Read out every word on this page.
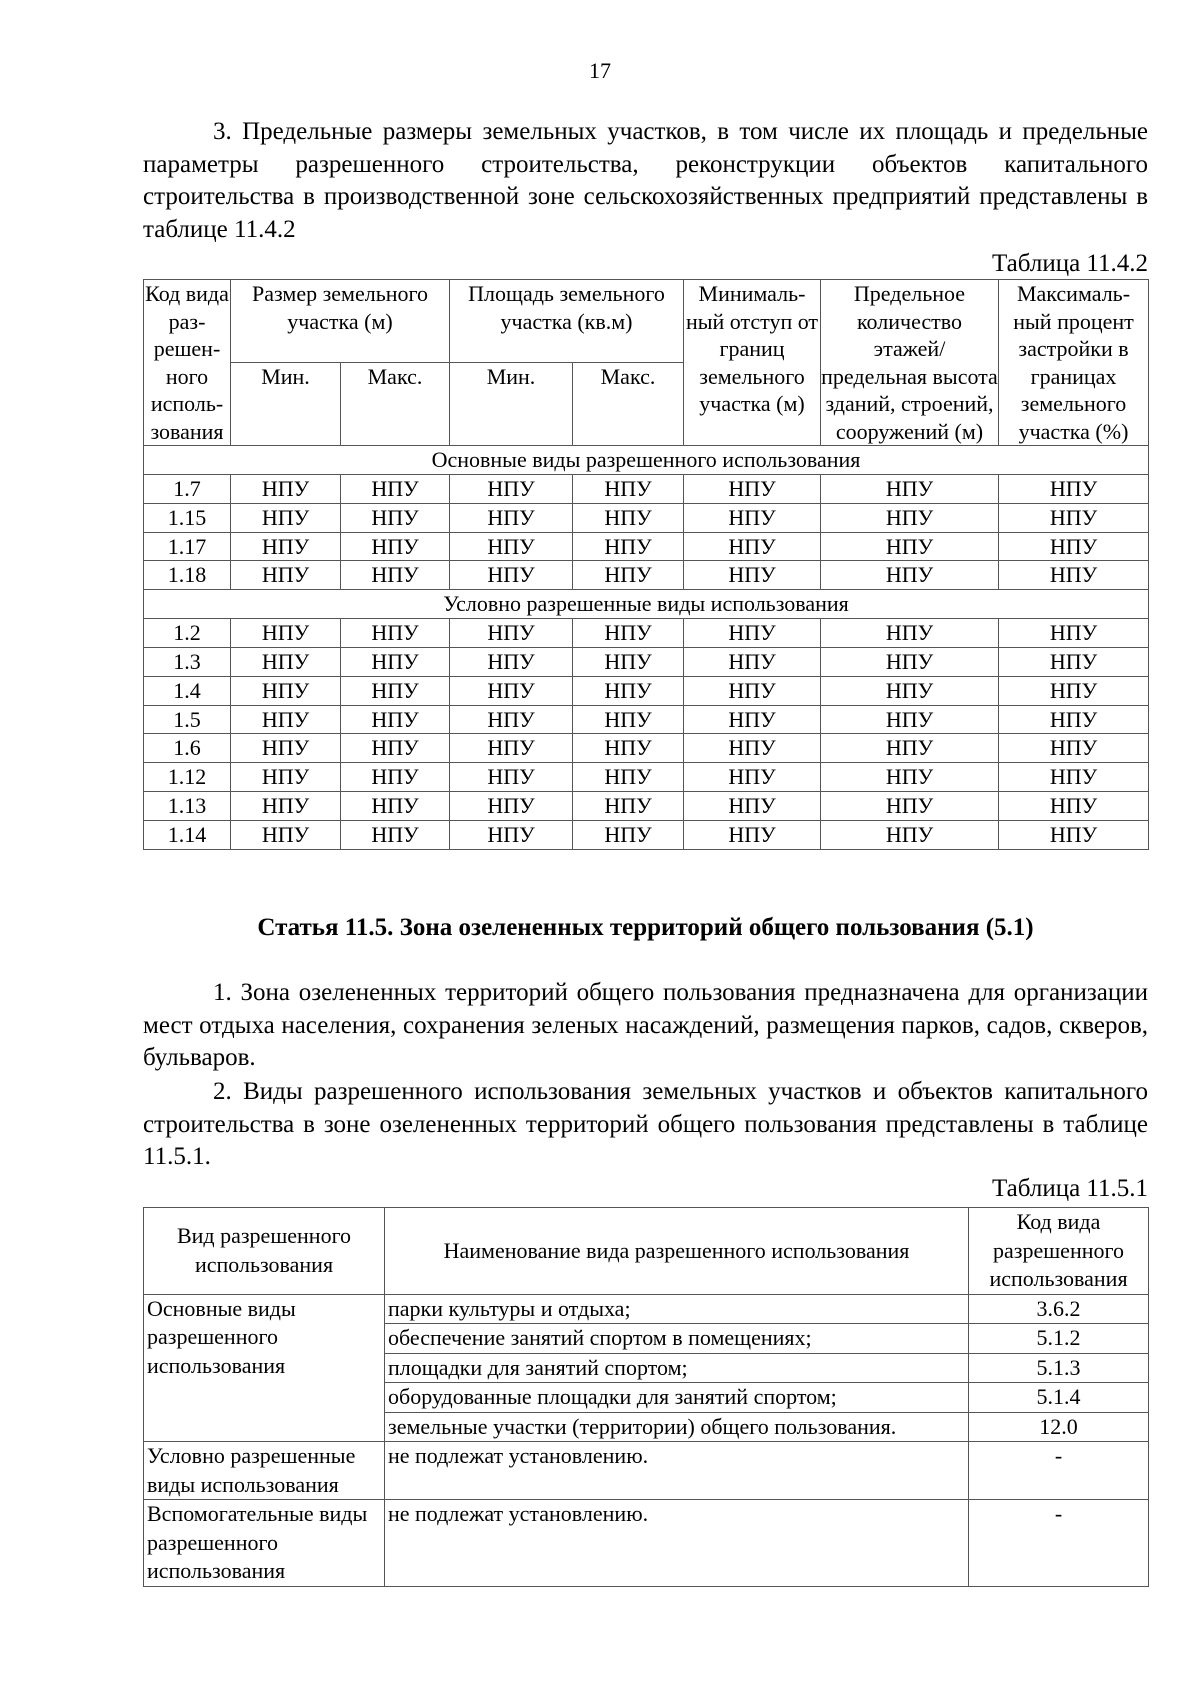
17

3. Предельные размеры земельных участков, в том числе их площадь и предельные параметры разрешенного строительства, реконструкции объектов капитального строительства в производственной зоне сельскохозяйственных предприятий представлены в таблице 11.4.2

Таблица 11.4.2
Код вида раз- решен- ного исполь- зования	Размер земельного участка (м)		Площадь земельного участка (кв.м)		Минималь- ный отступ от границ земельного участка (м)	Предельное количество этажей/ предельная высота зданий, строений, сооружений (м)	Максималь- ный процент застройки в границах земельного участка (%)
	Мин.	Макс.	Мин.	Макс.			
Основные виды разрешенного использования							
1.7	НПУ	НПУ	НПУ	НПУ	НПУ	НПУ	НПУ
1.15	НПУ	НПУ	НПУ	НПУ	НПУ	НПУ	НПУ
1.17	НПУ	НПУ	НПУ	НПУ	НПУ	НПУ	НПУ
1.18	НПУ	НПУ	НПУ	НПУ	НПУ	НПУ	НПУ
Условно разрешенные виды использования							
1.2	НПУ	НПУ	НПУ	НПУ	НПУ	НПУ	НПУ
1.3	НПУ	НПУ	НПУ	НПУ	НПУ	НПУ	НПУ
1.4	НПУ	НПУ	НПУ	НПУ	НПУ	НПУ	НПУ
1.5	НПУ	НПУ	НПУ	НПУ	НПУ	НПУ	НПУ
1.6	НПУ	НПУ	НПУ	НПУ	НПУ	НПУ	НПУ
1.12	НПУ	НПУ	НПУ	НПУ	НПУ	НПУ	НПУ
1.13	НПУ	НПУ	НПУ	НПУ	НПУ	НПУ	НПУ
1.14	НПУ	НПУ	НПУ	НПУ	НПУ	НПУ	НПУ
Статья 11.5. Зона озелененных территорий общего пользования (5.1)

1. Зона озелененных территорий общего пользования предназначена для организации мест отдыха населения, сохранения зеленых насаждений, размещения парков, садов, скверов, бульваров.

2. Виды разрешенного использования земельных участков и объектов капитального строительства в зоне озелененных территорий общего пользования представлены в таблице 11.5.1.

Таблица 11.5.1
Вид разрешенного использования	Наименование вида разрешенного использования	Код вида разрешенного использования
Основные виды разрешенного использования	парки культуры и отдыха;	3.6.2
	обеспечение занятий спортом в помещениях;	5.1.2
	площадки для занятий спортом;	5.1.3
	оборудованные площадки для занятий спортом;	5.1.4
	земельные участки (территории) общего пользования.	12.0
Условно разрешенные виды использования	не подлежат установлению.	-
Вспомогательные виды разрешенного использования	не подлежат установлению.	-
